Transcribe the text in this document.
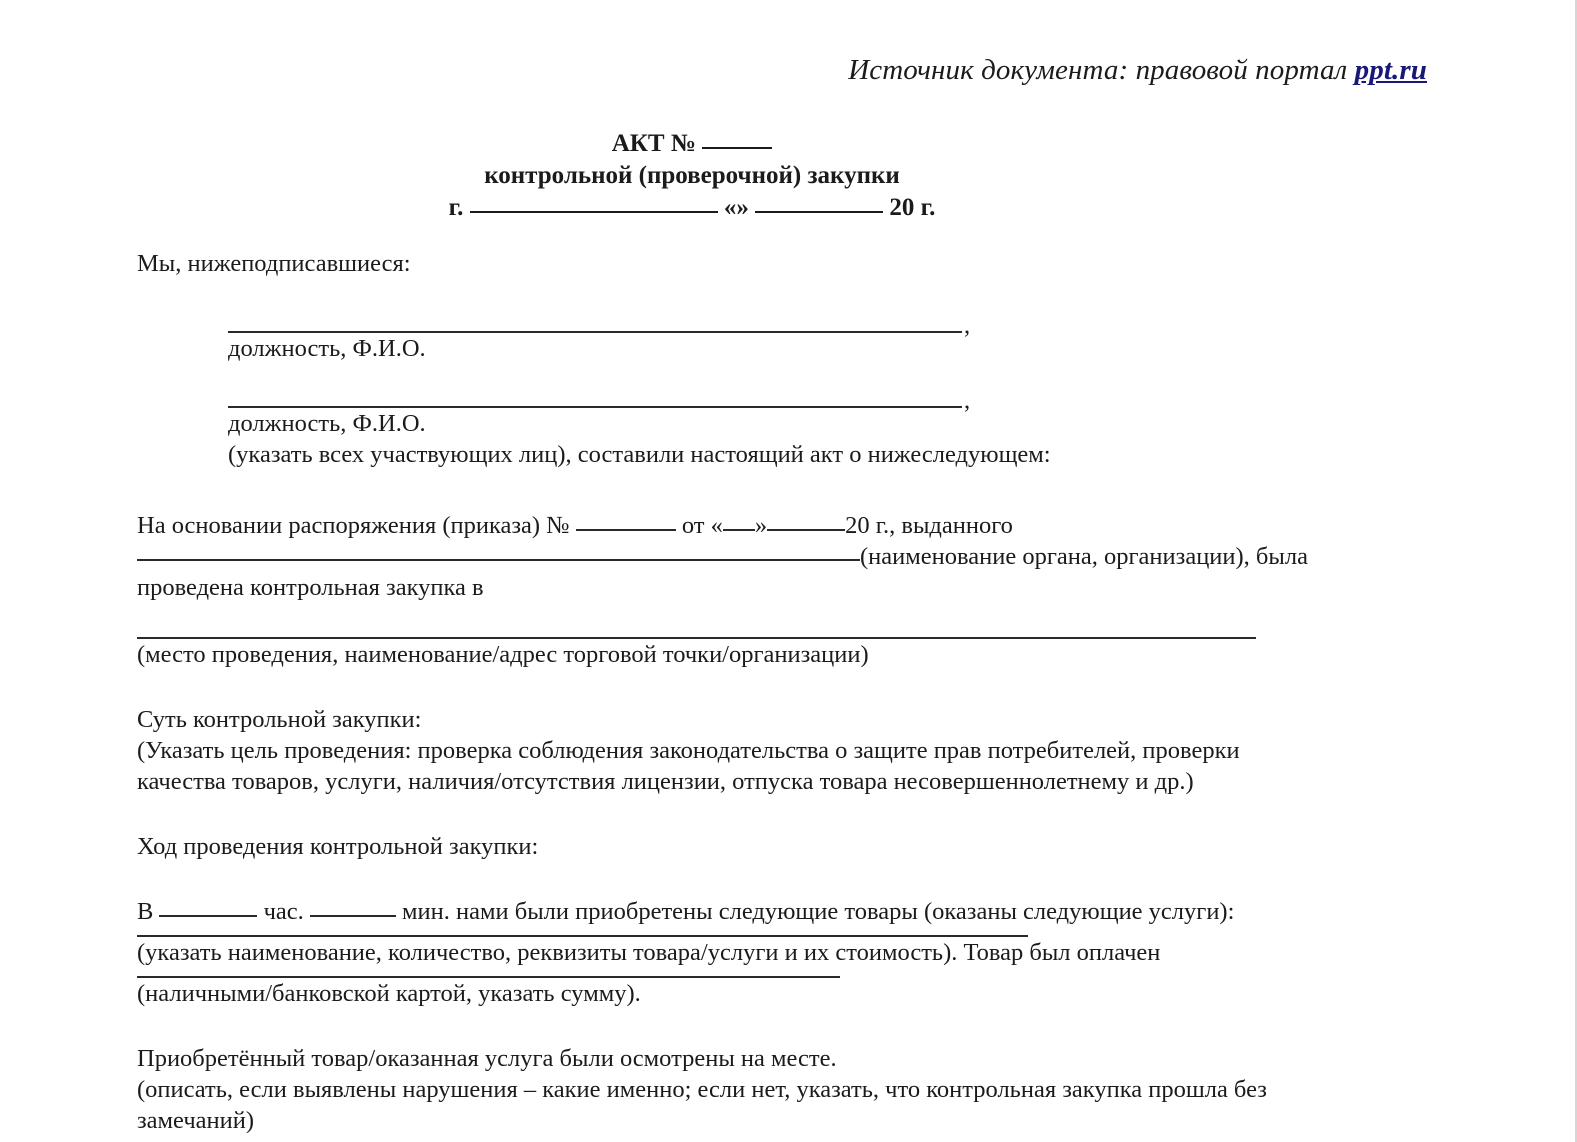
Источник документа: правовой портал ppt.ru
АКТ №
контрольной (проверочной) закупки
г.	«»	20 г.

Мы, нижеподписавшиеся:

,

должность, Ф.И.О.

,

должность, Ф.И.О.

(указать всех участвующих лиц), составили настоящий акт о нижеследующем:

На основании распоряжения (приказа) №	от « »	20 г., выданного

(наименование органа, организации), была

проведена контрольная закупка в

(место проведения, наименование/адрес торговой точки/организации)

Суть контрольной закупки:

(Указать цель проведения: проверка соблюдения законодательства о защите прав потребителей, проверки

качества товаров, услуги, наличия/отсутствия лицензии, отпуска товара несовершеннолетнему и др.)

Ход проведения контрольной закупки:

В	час.	мин. нами были приобретены следующие товары (оказаны следующие услуги):

(указать наименование, количество, реквизиты товара/услуги и их стоимость). Товар был оплачен

(наличными/банковской картой, указать сумму).

Приобретённый товар/оказанная услуга были осмотрены на месте.

(описать, если выявлены нарушения – какие именно; если нет, указать, что контрольная закупка прошла без

замечаний)
